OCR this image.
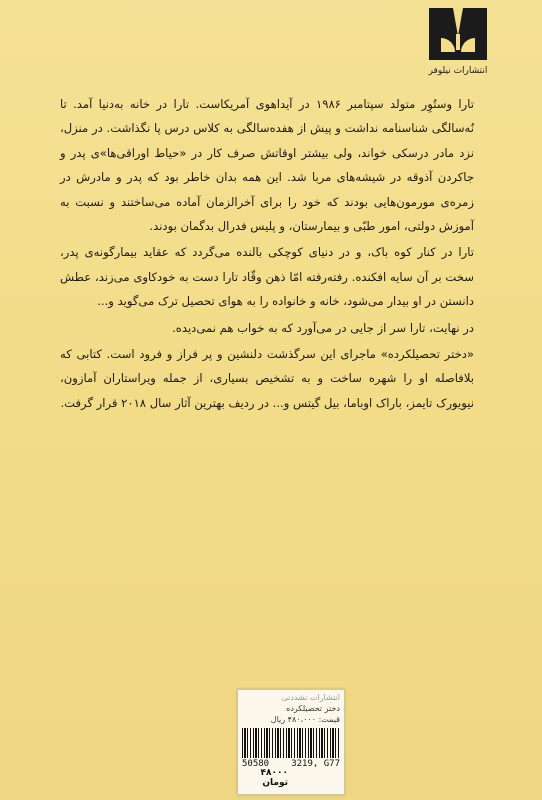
انتشارات نیلوفر

تارا وستُوِر متولد سپتامبر ۱۹۸۶ در آیداهوی آمریکاست. تارا در خانه به‌دنیا آمد. تا نُه‌سالگی شناسنامه نداشت و پیش از هفده‌سالگی به کلاس درس پا نگذاشت. در منزل، نزد مادر درسکی خواند، ولی بیشتر اوقاتش صرف کار در «حیاط اوراقی‌ها»ی پدر و جاکردن آذوقه در شیشه‌های مربا شد. این همه بدان خاطر بود که پدر و مادرش در زمره‌ی مورمون‌هایی بودند که خود را برای آخرالزمان آماده می‌ساختند و نسبت به آموزش دولتی، امور طبّی و بیمارستان، و پلیس فدرال بدگمان بودند.

تارا در کنار کوه باک، و در دنیای کوچکی بالنده می‌گردد که عقاید بیمارگونه‌ی پدر، سخت بر آن سایه افکنده. رفته‌رفته امّا ذهن وقّاد تارا دست به خودکاوی می‌زند، عطش دانستن در او بیدار می‌شود، خانه و خانواده را به هوای تحصیل ترک می‌گوید و...

در نهایت، تارا سر از جایی در می‌آورد که به خواب هم نمی‌دیده.

«دختر تحصیلکرده» ماجرای این سرگذشت دلنشین و پر فراز و فرود است. کتابی که بلافاصله او را شهره ساخت و به تشخیص بسیاری، از جمله ویراستاران آمازون، نیویورک تایمز، باراک اوباما، بیل گیتس و... در ردیف بهترین آثار سال ۲۰۱۸ قرار گرفت.

انتشارات نشددنی
دختر تحصیلکرده
قیمت: ۴۸۰،۰۰۰ ریال
50580 3219, G77
۴۸۰۰۰ تومان
